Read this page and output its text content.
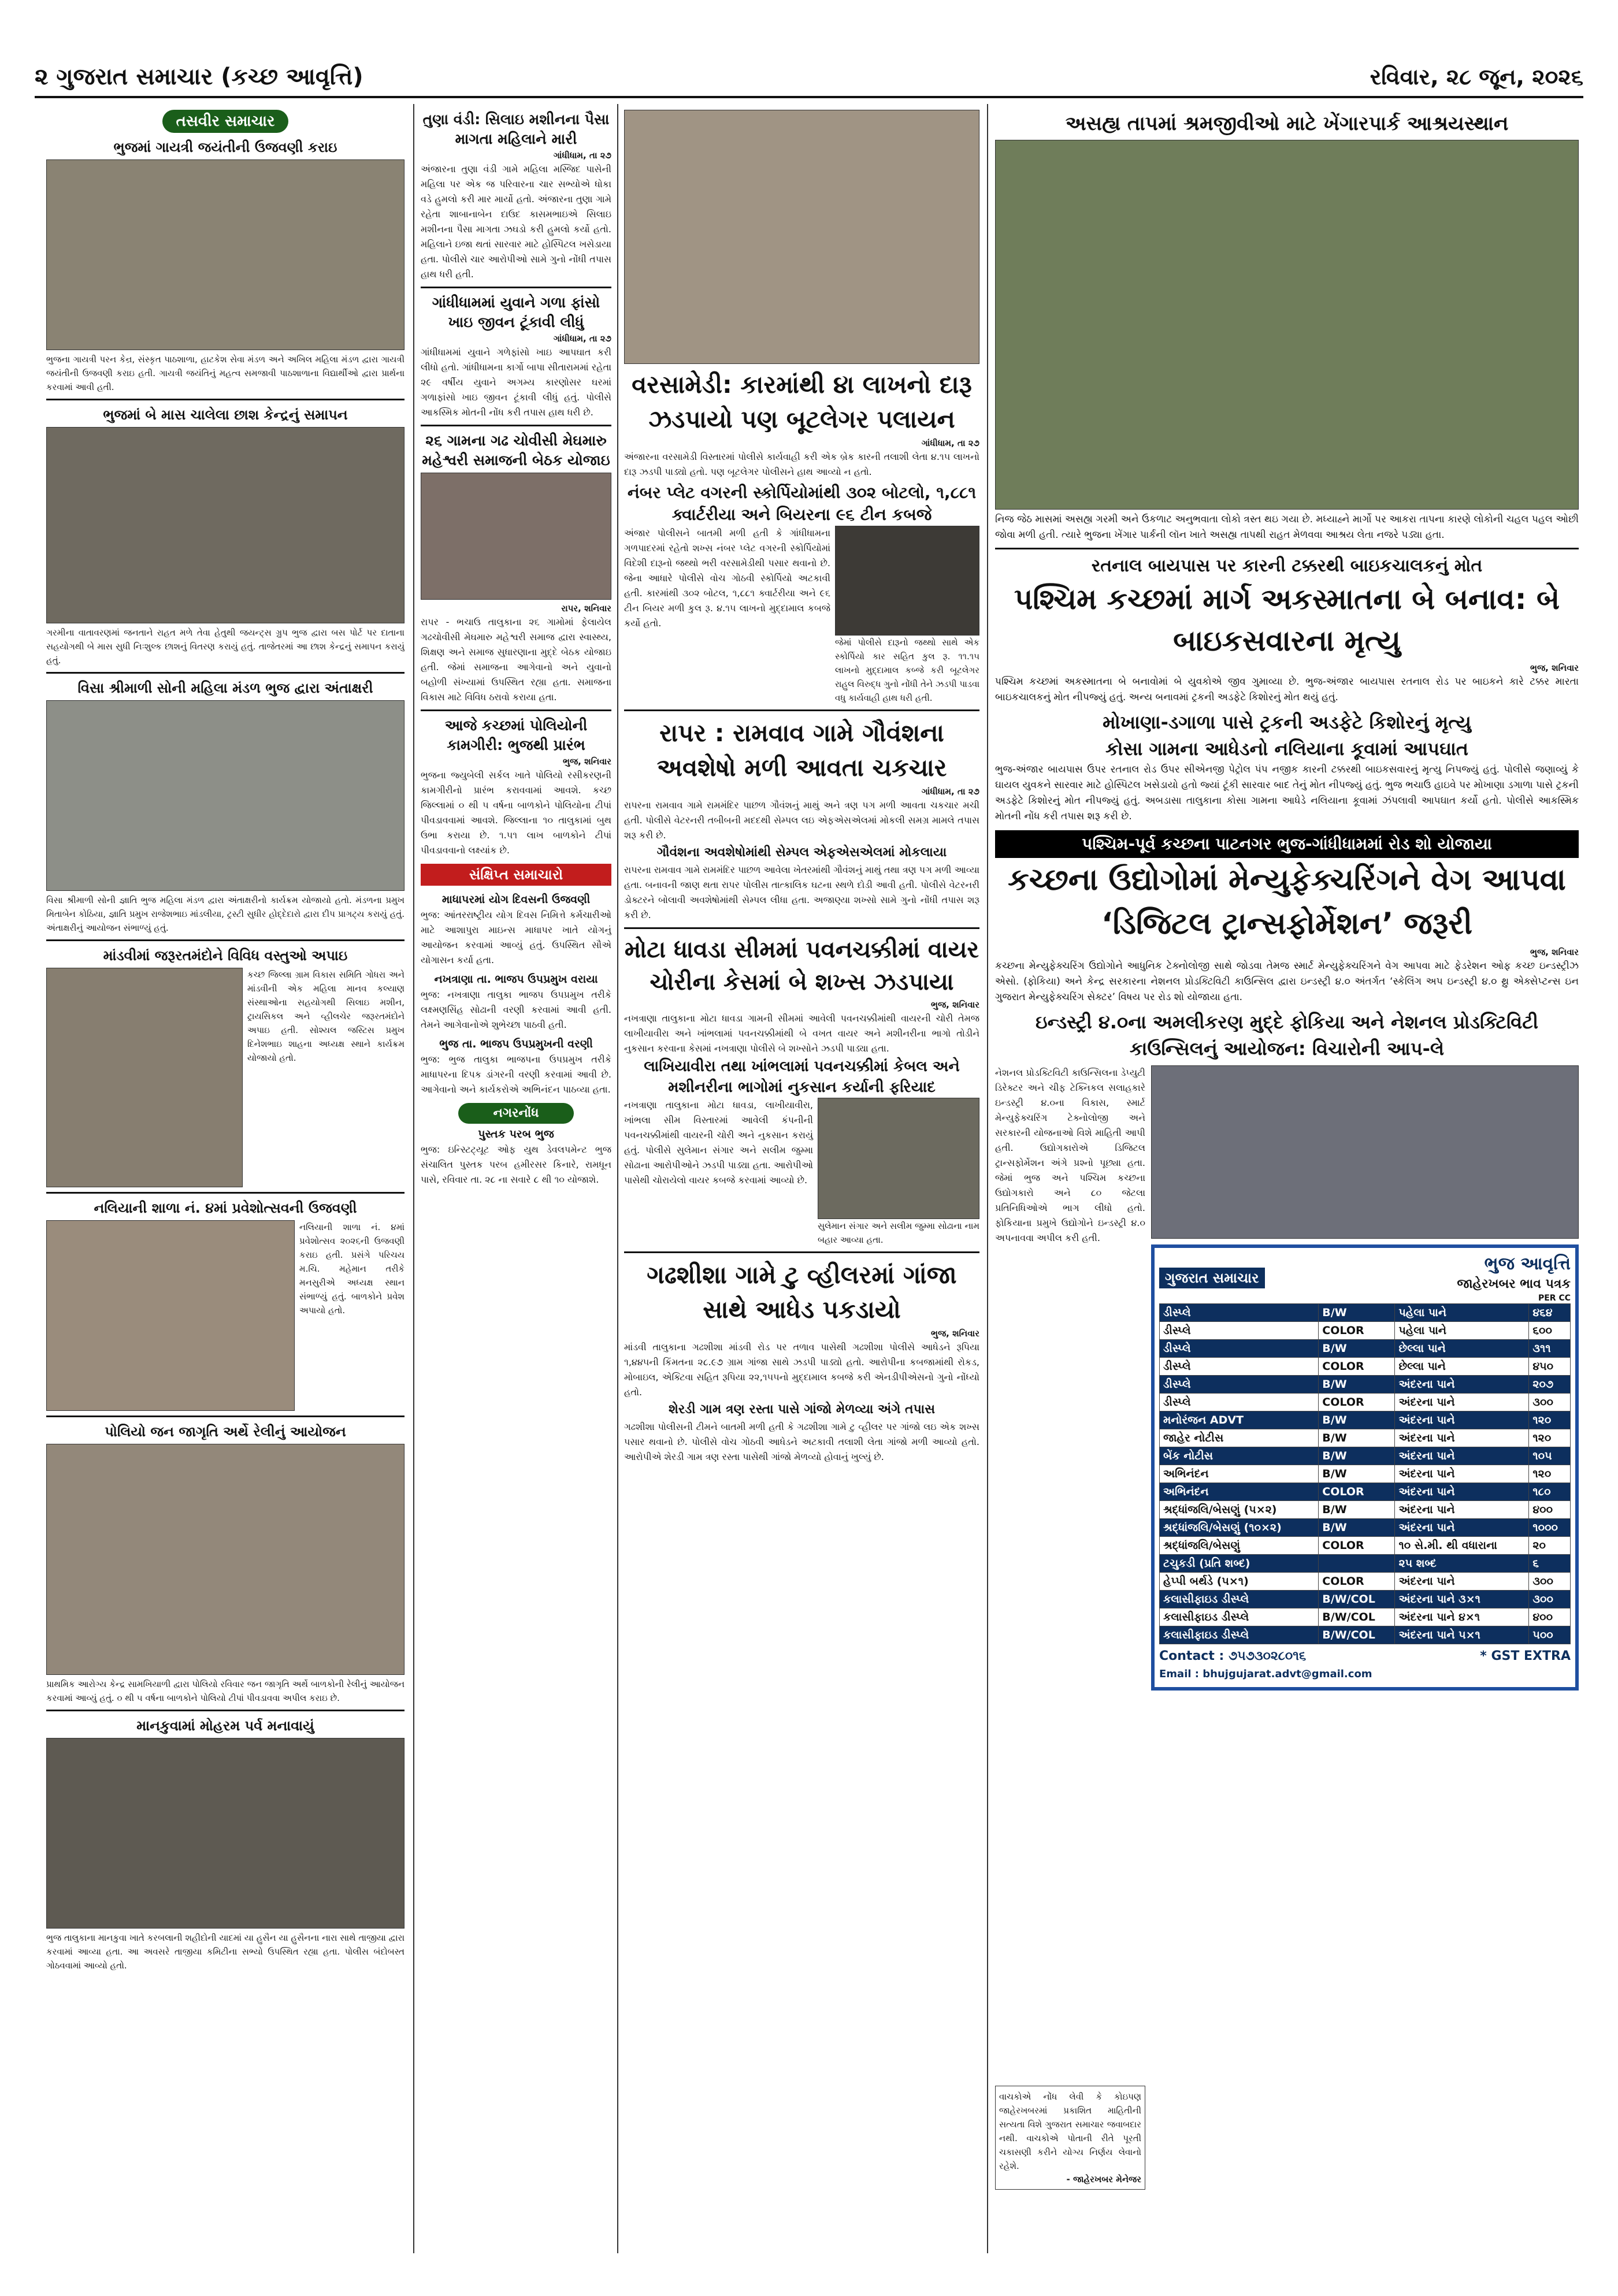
૨ ગુજરાત સમાચાર (કચ્છ આવૃત્તિ)	રવિવાર, ૨૮ જૂન, ૨૦૨૬
તસવીર સમાચાર
ભુજમાં ગાયત્રી જયંતીની ઉજવણી કરાઇ
ભુજના ગાયત્રી પરન કેન્ર, સંસ્કૃત પાઠશાળા, હાટકેશ સેવા મંડળ અને અખિલ મહિલા મંડળ દ્વારા ગાયત્રી જયંતીની ઉજવણી કરાઇ હતી. ગાયત્રી જયંતિનું મહત્વ સમજાવી પાઠશાળાના વિદ્યાર્થીઓ દ્વારા પ્રાર્થના કરવામાં આવી હતી.
ભુજમાં બે માસ ચાલેલા છાશ કેન્દ્રનું સમાપન
ગરમીના વાતાવરણમાં જનતાને રાહત મળે તેવા હેતુથી જયન્ટ્સ ગ્રુપ ભુજ દ્વારા બસ પોર્ટ પર દાતાના સહયોગથી બે માસ સુધી નિઃશુલ્ક છાશનું વિતરણ કરાયું હતું. તાજેતરમાં આ છાશ કેન્દ્રનું સમાપન કરાયું હતું.
વિસા શ્રીમાળી સોની મહિલા મંડળ ભુજ દ્વારા અંતાક્ષરી
વિસા શ્રીમાળી સોની જ્ઞાતિ ભુજ મહિલા મંડળ દ્વારા અંતાક્ષરીનો કાર્યક્રમ યોજાયો હતો. મંડળના પ્રમુખ મિતાબેન કોઠિયા, જ્ઞાતિ પ્રમુખ રાજેશભાઇ માંડલીયા, ટ્રસ્ટી સુધીર હોદ્દેદારો દ્વારા દીપ પ્રાગટ્ય કરાયું હતું. અંતાક્ષરીનું આયોજન સંભાળ્યું હતું.
માંડવીમાં જરૂરતમંદોને વિવિધ વસ્તુઓ અપાઇ
કચ્છ જિલ્લા ગ્રામ વિકાસ સમિતિ ગોધરા અને માંડવીની એક મહિલા માનવ કલ્યાણ સંસ્થાઓના સહયોગથી સિલાઇ મશીન, ટ્રાયસિકલ અને વ્હીલચેર જરૂરતમંદોને અપાઇ હતી. સોશ્યલ જસ્ટિસ પ્રમુખ દિનેશભાઇ શાહના અધ્યક્ષ સ્થાને કાર્યક્રમ યોજાયો હતો.
નલિયાની શાળા નં. ૪માં પ્રવેશોત્સવની ઉજવણી
નલિયાની શાળા નં. ૪માં પ્રવેશોત્સવ ૨૦૨૬ની ઉજવણી કરાઇ હતી. પ્રસંગે પરિચય મ.ચિ. મહેમાન તરીકે મનસુરીએ અધ્યક્ષ સ્થાન સંભાળ્યું હતું. બાળકોને પ્રવેશ અપાયો હતો.
પોલિયો જન જાગૃતિ અર્થે રેલીનું આયોજન
પ્રાથમિક આરોગ્ય કેન્દ્ર સામખિયાળી દ્વારા પોલિયો રવિવાર જન જાગૃતિ અર્થે બાળકોની રેલીનું આયોજન કરવામાં આવ્યું હતું. ૦ થી ૫ વર્ષના બાળકોને પોલિયો ટીપાં પીવડાવવા અપીલ કરાઇ છે.
માનકુવામાં મોહરમ પર્વ મનાવાયું
ભુજ તાલુકાના માનકુવા ખાતે કરબલાની શહીદોની યાદમાં યા હુસૈન યા હુસૈનના નારા સાથે તાજીયા દ્વારા કરવામાં આવ્યા હતા. આ અવસરે તાજીયા કમિટીના સભ્યો ઉપસ્થિત રહ્યા હતા. પોલીસ બંદોબસ્ત ગોઠવવામાં આવ્યો હતો.
તુણા વંડી: સિલાઇ મશીનના પૈસા માગતા મહિલાને મારી
ગાંધીધામ, તા ૨૭
અંજારના તુણા વંડી ગામે મહિલા મસ્જિદ પાસેની મહિલા પર એક જ પરિવારના ચાર સભ્યોએ ધોકા વડે હુમલો કરી માર માર્યો હતો. અંજારના તુણા ગામે રહેતા શાબાનાબેન દાઉદ કાસમભાઇએ સિલાઇ મશીનના પૈસા માગતા ઝઘડો કરી હુમલો કર્યો હતો. મહિલાને ઇજા થતાં સારવાર માટે હોસ્પિટલ ખસેડાયા હતા. પોલીસે ચાર આરોપીઓ સામે ગુનો નોંધી તપાસ હાથ ધરી હતી.
ગાંધીધામમાં યુવાને ગળા ફાંસો ખાઇ જીવન ટૂંકાવી લીધું
ગાંધીધામ, તા ૨૭
ગાંધીધામમાં યુવાને ગળેફાંસો ખાઇ આપઘાત કરી લીધો હતો. ગાંધીધામના કાર્ગો બાપા સીતારામમાં રહેતા ૨૯ વર્ષીય યુવાને અગમ્ય કારણોસર ઘરમાં ગળાફાંસો ખાઇ જીવન ટૂંકાવી લીધું હતું. પોલીસે આકસ્મિક મોતની નોંધ કરી તપાસ હાથ ધરી છે.
૨૬ ગામના ગઢ ચોવીસી મેઘમારુ મહેશ્વરી સમાજની બેઠક યોજાઇ
રાપર, શનિવાર
રાપર - ભચાઉ તાલુકાના ૨૬ ગામોમાં ફેલાયેલ ગઢચોવીસી મેઘમારુ મહેશ્વરી સમાજ દ્વારા સ્વાસ્થ્ય, શિક્ષણ અને સમાજ સુધારણાના મુદ્દે બેઠક યોજાઇ હતી. જેમાં સમાજના આગેવાનો અને યુવાનો બહોળી સંખ્યામાં ઉપસ્થિત રહ્યા હતા. સમાજના વિકાસ માટે વિવિધ ઠરાવો કરાયા હતા.
આજે કચ્છમાં પોલિયોની કામગીરી: ભુજથી પ્રારંભ
ભુજ, શનિવાર
ભુજના જ્યુબેલી સર્કલ ખાતે પોલિયો રસીકરણની કામગીરીનો પ્રારંભ કરાવવામાં આવશે. કચ્છ જિલ્લામાં ૦ થી ૫ વર્ષના બાળકોને પોલિયોના ટીપાં પીવડાવવામાં આવશે. જિલ્લાના ૧૦ તાલુકામાં બુથ ઉભા કરાયા છે. ૧.૫૧ લાખ બાળકોને ટીપાં પીવડાવવાનો લક્ષ્યાંક છે.
સંક્ષિપ્ત સમાચારો
માધાપરમાં યોગ દિવસની ઉજવણી
ભુજ: આંતરરાષ્ટ્રીય યોગ દિવસ નિમિત્તે કર્મચારીઓ માટે આશાપુરા માઇન્સ માધાપર ખાતે યોગનું આયોજન કરવામાં આવ્યું હતું. ઉપસ્થિત સૌએ યોગાસન કર્યા હતા.
નખત્રાણા તા. ભાજપ ઉપપ્રમુખ વરાયા
ભુજ: નખત્રાણા તાલુકા ભાજપ ઉપપ્રમુખ તરીકે લક્ષ્મણસિંહ સોઢાની વરણી કરવામાં આવી હતી. તેમને આગેવાનોએ શુભેચ્છા પાઠવી હતી.
ભુજ તા. ભાજપ ઉપપ્રમુખની વરણી
ભુજ: ભુજ તાલુકા ભાજપના ઉપપ્રમુખ તરીકે માધાપરના દિપક ડાંગરની વરણી કરવામાં આવી છે. આગેવાનો અને કાર્યકરોએ અભિનંદન પાઠવ્યા હતા.
નગરનોંધ
પુસ્તક પરબ ભુજ
ભુજ: ઇન્સ્ટિટ્યૂટ ઓફ યુથ ડેવલપમેન્ટ ભુજ સંચાલિત પુસ્તક પરબ હમીરસર કિનારે, રામધૂન પાસે, રવિવાર તા. ૨૮ ના સવારે ૮ થી ૧૦ યોજાશે.
વરસામેડી: કારમાંથી ૪ા લાખનો દારૂ ઝડપાયો પણ બૂટલેગર પલાયન
ગાંધીધામ, તા ૨૭
અંજારના વરસામેડી વિસ્તારમાં પોલીસે કાર્યવાહી કરી એક બ્રેક કારની તલાશી લેતા ૪.૧૫ લાખનો દારૂ ઝડપી પાડ્યો હતો. પણ બૂટલેગર પોલીસને હાથ આવ્યો ન હતો.
નંબર પ્લેટ વગરની સ્કોર્પિયોમાંથી ૩૦૨ બોટલો, ૧,૮૮૧ ક્વાર્ટરીયા અને બિયરના ૯૬ ટીન કબજે
અંજાર પોલીસને બાતમી મળી હતી કે ગાંધીધામના ગળપાદરમાં રહેતો શખ્સ નંબર પ્લેટ વગરની સ્કોર્પિયોમાં વિદેશી દારૂનો જથ્થો ભરી વરસામેડીથી પસાર થવાનો છે. જેના આધારે પોલીસે વોચ ગોઠવી સ્કોર્પિયો અટકાવી હતી. કારમાંથી ૩૦૨ બોટલ, ૧,૮૮૧ ક્વાર્ટરીયા અને ૯૬ ટીન બિયર મળી કુલ રૂ. ૪.૧૫ લાખનો મુદ્દામાલ કબજે કર્યો હતો.
જેમાં પોલીસે દારૂનો જથ્થો સાથે એક સ્કોર્પિયો કાર સહિત કુલ રૂ. ૧૧.૧૫ લાખનો મુદ્દામાલ કબ્જે કરી બૂટલેગર રાહુલ વિરુદ્ધ ગુનો નોંધી તેને ઝડપી પાડવા વધુ કાર્યવાહી હાથ ધરી હતી.
રાપર : રામવાવ ગામે ગૌવંશના અવશેષો મળી આવતા ચકચાર
ગાંધીધામ, તા ૨૭
રાપરના રામવાવ ગામે રામમંદિર પાછળ ગૌવંશનું માથું અને ત્રણ પગ મળી આવતા ચકચાર મચી હતી. પોલીસે વેટરનરી તબીબની મદદથી સેમ્પલ લઇ એફએસએલમાં મોકલી સમગ્ર મામલે તપાસ શરૂ કરી છે.
ગૌવંશના અવશેષોમાંથી સેમ્પલ એફએસએલમાં મોકલાયા
રાપરના રામવાવ ગામે રામમંદિર પાછળ આવેલા ખેતરમાંથી ગૌવંશનું માથું તથા ત્રણ પગ મળી આવ્યા હતા. બનાવની જાણ થતા રાપર પોલીસ તાત્કાલિક ઘટના સ્થળે દોડી આવી હતી. પોલીસે વેટરનરી ડોક્ટરને બોલાવી અવશેષોમાંથી સેમ્પલ લીધા હતા. અજાણ્યા શખ્સો સામે ગુનો નોંધી તપાસ શરૂ કરી છે.
મોટા ધાવડા સીમમાં પવનચક્કીમાં વાયર ચોરીના કેસમાં બે શખ્સ ઝડપાયા
ભુજ, શનિવાર
નખત્રાણા તાલુકાના મોટા ધાવડા ગામની સીમમાં આવેલી પવનચક્કીમાંથી વાયરની ચોરી તેમજ લાખીયાવીરા અને ખાંભલામાં પવનચક્કીમાંથી બે વખત વાયર અને મશીનરીના ભાગો તોડીને નુકસાન કરવાના કેસમાં નખત્રાણા પોલીસે બે શખ્સોને ઝડપી પાડ્યા હતા.
લાખિયાવીરા તથા ખાંભલામાં પવનચક્કીમાં કેબલ અને મશીનરીના ભાગોમાં નુકસાન કર્યાની ફરિયાદ
નખત્રાણા તાલુકાના મોટા ધાવડા, લાખીયાવીરા, ખાંભલા સીમ વિસ્તારમાં આવેલી કંપનીની પવનચક્કીમાંથી વાયરની ચોરી અને નુકસાન કરાયું હતું. પોલીસે સુલેમાન સંગાર અને સલીમ જુમ્મા સોઢાના આરોપીઓને ઝડપી પાડ્યા હતા. આરોપીઓ પાસેથી ચોરાયેલો વાયર કબજે કરવામાં આવ્યો છે.
સુલેમાન સંગાર અને સલીમ જુમ્મા સોઢાના નામ બહાર આવ્યા હતા.
ગઢશીશા ગામે ટુ વ્હીલરમાં ગાંજા સાથે આધેડ પકડાયો
ભુજ, શનિવાર
માંડવી તાલુકાના ગઢશીશા માંડવી રોડ પર તળાવ પાસેથી ગઢશીશા પોલીસે આધેડને રૂપિયા ૧,૪૪૫ની કિંમતના ૨૮.૯૭ ગ્રામ ગાંજા સાથે ઝડપી પાડ્યો હતો. આરોપીના કબજામાંથી રોકડ, મોબાઇલ, એક્ટિવા સહિત રૂપિયા ૨૨,૧૫૫નો મુદ્દામાલ કબજે કરી એનડીપીએસનો ગુનો નોંધ્યો હતો.
શેરડી ગામ ત્રણ રસ્તા પાસે ગાંજો મેળવ્યા અંગે તપાસ
ગઢશીશા પોલીસની ટીમને બાતમી મળી હતી કે ગઢશીશા ગામે ટુ વ્હીલર પર ગાંજો લઇ એક શખ્સ પસાર થવાનો છે. પોલીસે વોચ ગોઠવી આધેડને અટકાવી તલાશી લેતા ગાંજો મળી આવ્યો હતો. આરોપીએ શેરડી ગામ ત્રણ રસ્તા પાસેથી ગાંજો મેળવ્યો હોવાનું ખુલ્યું છે.
અસહ્ય તાપમાં શ્રમજીવીઓ માટે ખેંગારપાર્ક આશ્રયસ્થાન
નિજ જેઠ માસમાં અસહ્ય ગરમી અને ઉકળાટ અનુભવાતા લોકો ત્રસ્ત થઇ ગયા છે. મધ્યાહ્ને માર્ગો પર આકરા તાપના કારણે લોકોની ચહલ પહલ ઓછી જોવા મળી હતી. ત્યારે ભુજના ખેંગાર પાર્કની લૉન ખાતે અસહ્ય તાપથી રાહત મેળવવા આશ્રય લેતા નજરે પડ્યા હતા.
રતનાલ બાયપાસ પર કારની ટક્કરથી બાઇકચાલકનું મોત
પશ્ચિમ કચ્છમાં માર્ગ અકસ્માતના બે બનાવ: બે બાઇકસવારના મૃત્યુ
ભુજ, શનિવાર
પશ્ચિમ કચ્છમાં અકસ્માતના બે બનાવોમાં બે યુવકોએ જીવ ગુમાવ્યા છે. ભુજ-અંજાર બાયપાસ રતનાલ રોડ પર બાઇકને કારે ટક્કર મારતા બાઇકચાલકનું મોત નીપજ્યું હતું. અન્ય બનાવમાં ટ્રકની અડફેટે કિશોરનું મોત થયું હતું.
મોખાણા-ડગાળા પાસે ટ્રકની અડફેટે કિશોરનું મૃત્યુ
કોસા ગામના આધેડનો નલિયાના કૂવામાં આપઘાત
ભુજ-અંજાર બાયપાસ ઉપર રતનાલ રોડ ઉપર સીએનજી પેટ્રોલ પંપ નજીક કારની ટક્કરથી બાઇકસવારનું મૃત્યુ નિપજ્યું હતું. પોલીસે જણાવ્યું કે ઘાયલ યુવકને સારવાર માટે હોસ્પિટલ ખસેડાયો હતો જ્યાં ટૂંકી સારવાર બાદ તેનું મોત નીપજ્યું હતું. ભુજ ભચાઉ હાઇવે પર મોખાણા ડગાળા પાસે ટ્રકની અડફેટે કિશોરનું મોત નીપજ્યું હતું. અબડાસા તાલુકાના કોસા ગામના આધેડે નલિયાના કૂવામાં ઝંપલાવી આપઘાત કર્યો હતો. પોલીસે આકસ્મિક મોતની નોંધ કરી તપાસ શરૂ કરી છે.
પશ્ચિમ-પૂર્વ કચ્છના પાટનગર ભુજ-ગાંધીધામમાં રોડ શો યોજાયા
કચ્છના ઉદ્યોગોમાં મેન્યુફેક્ચરિંગને વેગ આપવા ‘ડિજિટલ ટ્રાન્સફોર્મેશન’ જરૂરી
ભુજ, શનિવાર
કચ્છના મેન્યુફેક્ચરિંગ ઉદ્યોગોને આધુનિક ટેક્નોલોજી સાથે જોડવા તેમજ સ્માર્ટ મેન્યુફેક્ચરિંગને વેગ આપવા માટે ફેડરેશન ઓફ કચ્છ ઇન્ડસ્ટ્રીઝ એસો. (ફોકિયા) અને કેન્દ્ર સરકારના નેશનલ પ્રોડક્ટિવિટી કાઉન્સિલ દ્વારા ઇન્ડસ્ટ્રી ૪.૦ અંતર્ગત ‘સ્કેલિંગ અપ ઇન્ડસ્ટ્રી ૪.૦ થ્રુ એક્સેપ્ટન્સ ઇન ગુજરાત મેન્યુફેક્ચરિંગ સેક્ટર’ વિષય પર રોડ શો યોજાયા હતા.
ઇન્ડસ્ટ્રી ૪.૦ના અમલીકરણ મુદ્દે ફોકિયા અને નેશનલ પ્રોડક્ટિવિટી કાઉન્સિલનું આયોજન: વિચારોની આપ-લે
નેશનલ પ્રોડક્ટિવિટી કાઉન્સિલના ડેપ્યુટી ડિરેક્ટર અને ચીફ ટેક્નિકલ સલાહકારે ઇન્ડસ્ટ્રી ૪.૦ના વિકાસ, સ્માર્ટ મેન્યુફેક્ચરિંગ ટેક્નોલોજી અને સરકારની યોજનાઓ વિશે માહિતી આપી હતી. ઉદ્યોગકારોએ ડિજિટલ ટ્રાન્સફોર્મેશન અંગે પ્રશ્નો પૂછ્યા હતા. જેમાં ભુજ અને પશ્ચિમ કચ્છના ઉદ્યોગકારો અને ૮૦ જેટલા પ્રતિનિધિઓએ ભાગ લીધો હતો. ફોકિયાના પ્રમુખે ઉદ્યોગોને ઇન્ડસ્ટ્રી ૪.૦ અપનાવવા અપીલ કરી હતી.
ગુજરાત સમાચાર
ભુજ આવૃત્તિ
જાહેરખબર ભાવ પત્રક
PER CC
ડીસ્પ્લે	B/W	પહેલા પાને	૪૬૪
ડીસ્પ્લે	COLOR	પહેલા પાને	૬૦૦
ડીસ્પ્લે	B/W	છેલ્લા પાને	૩૧૧
ડીસ્પ્લે	COLOR	છેલ્લા પાને	૪૫૦
ડીસ્પ્લે	B/W	અંદરના પાને	૨૦૭
ડીસ્પ્લે	COLOR	અંદરના પાને	૩૦૦
મનોરંજન ADVT	B/W	અંદરના પાને	૧૨૦
જાહેર નોટીસ	B/W	અંદરના પાને	૧૨૦
બેંક નોટીસ	B/W	અંદરના પાને	૧૦૫
અભિનંદન	B/W	અંદરના પાને	૧૨૦
અભિનંદન	COLOR	અંદરના પાને	૧૮૦
શ્રદ્ધાંજલિ/બેસણું (૫×૨)	B/W	અંદરના પાને	૪૦૦
શ્રદ્ધાંજલિ/બેસણું (૧૦×૨)	B/W	અંદરના પાને	૧૦૦૦
શ્રદ્ધાંજલિ/બેસણું	COLOR	૧૦ સે.મી. થી વધારાના	૨૦
ટચુકડી (પ્રતિ શબ્દ)		૨૫ શબ્દ	૬
હેપ્પી બર્થડે (૫×૧)	COLOR	અંદરના પાને	૩૦૦
કલાસીફાઇડ ડીસ્પ્લે	B/W/COL	અંદરના પાને ૩×૧	૩૦૦
કલાસીફાઇડ ડીસ્પ્લે	B/W/COL	અંદરના પાને ૪×૧	૪૦૦
કલાસીફાઇડ ડીસ્પ્લે	B/W/COL	અંદરના પાને ૫×૧	૫૦૦
Contact : ૭૫૭૩૦૨૮૦૧૬	* GST EXTRA
Email : bhujgujarat.advt@gmail.com
વાચકોએ નોંધ લેવી કે કોઇપણ જાહેરખબરમાં પ્રકાશિત માહિતીની સત્યતા વિશે ગુજરાત સમાચાર જવાબદાર નથી. વાચકોએ પોતાની રીતે પૂરતી ચકાસણી કરીને યોગ્ય નિર્ણય લેવાનો રહેશે.
- જાહેરખબર મેનેજર
